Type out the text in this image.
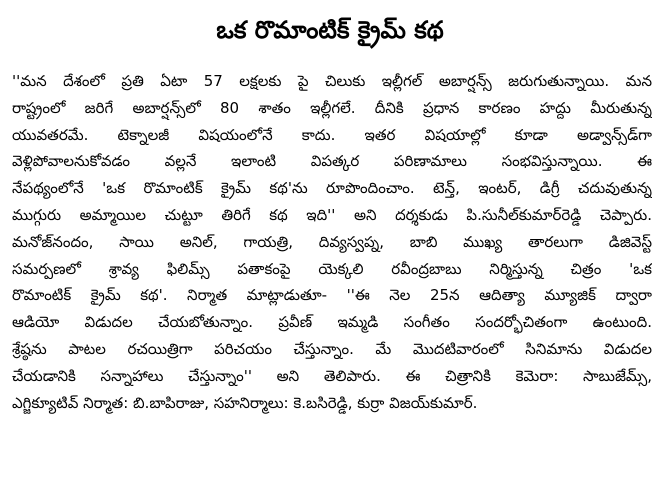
ఒక రొమాంటిక్ క్రైమ్ కథ
''మన దేశంలో ప్రతి ఏటా 57 లక్షలకు పై చిలుకు ఇల్లీగల్ అబార్షన్స్ జరుగుతున్నాయి. మన
రాష్ట్రంలో జరిగే అబార్షన్స్‌లో 80 శాతం ఇల్లీగలే. దీనికి ప్రధాన కారణం హద్దు మీరుతున్న
యువతరమే. టెక్నాలజీ విషయంలోనే కాదు. ఇతర విషయాల్లో కూడా అడ్వాన్స్‌డ్‌గా
వెళ్లిపోవాలనుకోవడం వల్లనే ఇలాంటి విపత్కర పరిణామాలు సంభవిస్తున్నాయి. ఈ
నేపథ్యంలోనే 'ఒక రొమాంటిక్ క్రైమ్ కథ'ను రూపొందించాం. టెన్త్, ఇంటర్, డిగ్రీ చదువుతున్న
ముగ్గురు అమ్మాయిల చుట్టూ తిరిగే కథ ఇది'' అని దర్శకుడు పి.సునీల్‌కుమార్‌రెడ్డి చెప్పారు.
మనోజ్‌నందం, సాయి అనిల్, గాయత్రి, దివ్యస్వప్న, బాబి ముఖ్య తారలుగా డిజివెస్ట్
సమర్పణలో శ్రావ్య ఫిలిమ్స్ పతాకంపై యెక్కలి రవీంద్రబాబు నిర్మిస్తున్న చిత్రం 'ఒక
రొమాంటిక్ క్రైమ్ కథ'. నిర్మాత మాట్లాడుతూ- ''ఈ నెల 25న ఆదిత్యా మ్యూజిక్ ద్వారా
ఆడియో విడుదల చేయబోతున్నాం. ప్రవీణ్ ఇమ్మడి సంగీతం సందర్భోచితంగా ఉంటుంది.
శ్రేష్ఠను పాటల రచయిత్రిగా పరిచయం చేస్తున్నాం. మే మొదటివారంలో సినిమాను విడుదల
చేయడానికి సన్నాహాలు చేస్తున్నాం'' అని తెలిపారు. ఈ చిత్రానికి కెమెరా: సాబుజేమ్స్,
ఎగ్జిక్యూటివ్ నిర్మాత: బి.బాపిరాజు, సహనిర్మాలు: కె.బసిరెడ్డి, కుర్రా విజయ్‌కుమార్.
